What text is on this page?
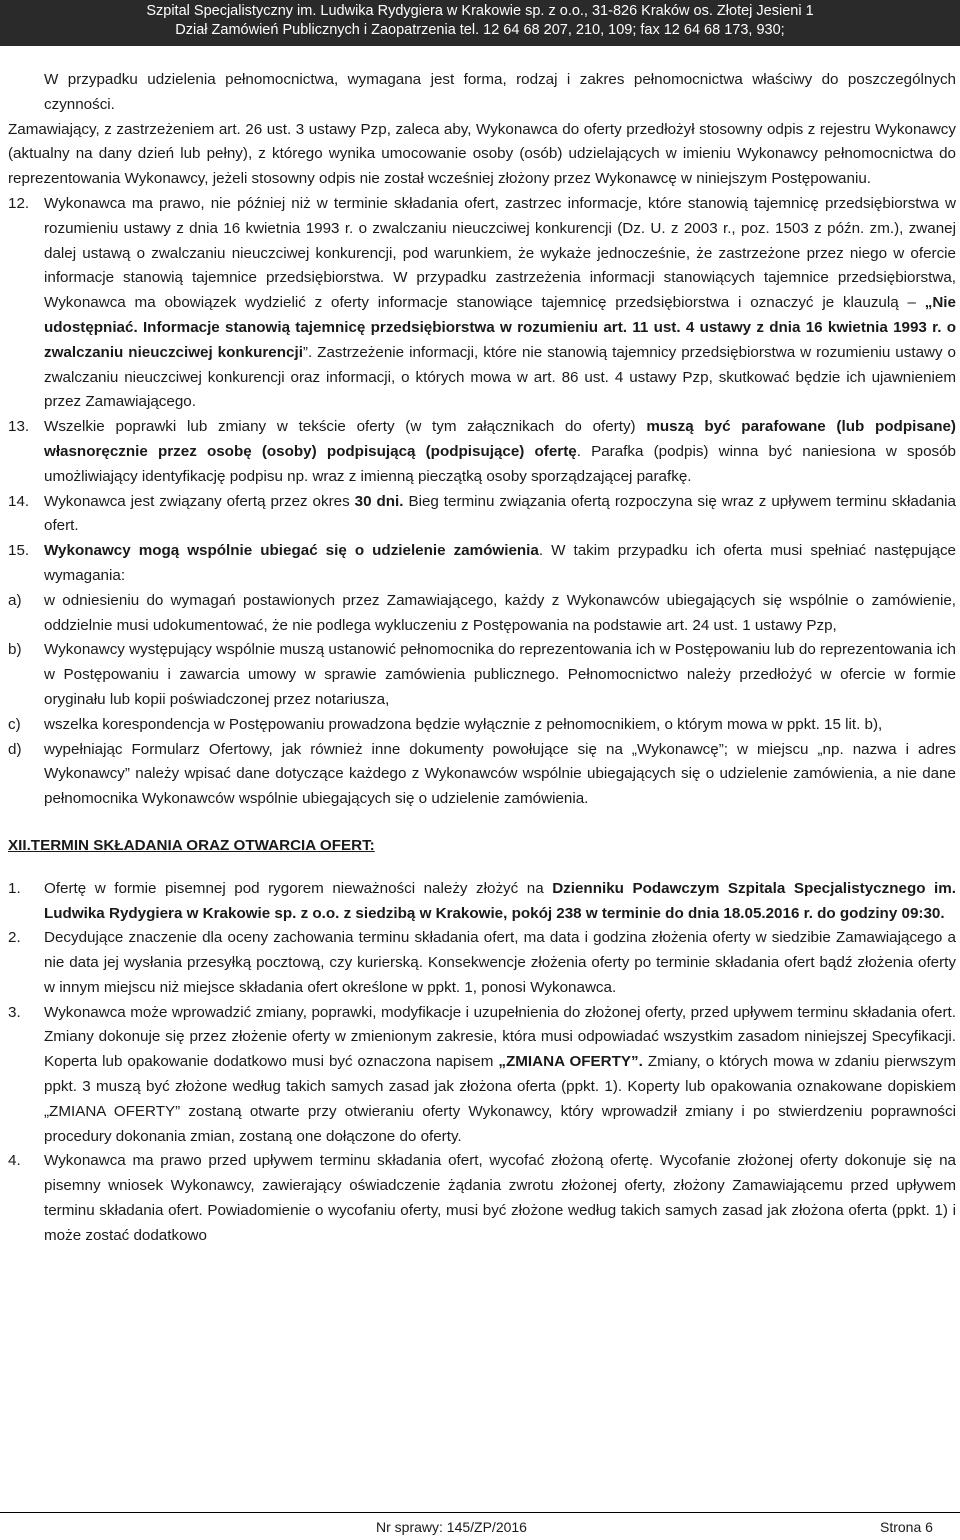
Szpital Specjalistyczny im. Ludwika Rydygiera w Krakowie sp. z o.o., 31-826 Kraków os. Złotej Jesieni 1
Dział Zamówień Publicznych i Zaopatrzenia tel. 12 64 68 207, 210, 109; fax 12 64 68 173, 930;

W przypadku udzielenia pełnomocnictwa, wymagana jest forma, rodzaj i zakres pełnomocnictwa właściwy do poszczególnych czynności.

Zamawiający, z zastrzeżeniem art. 26 ust. 3 ustawy Pzp, zaleca aby, Wykonawca do oferty przedłożył stosowny odpis z rejestru Wykonawcy (aktualny na dany dzień lub pełny), z którego wynika umocowanie osoby (osób) udzielających w imieniu Wykonawcy pełnomocnictwa do reprezentowania Wykonawcy, jeżeli stosowny odpis nie został wcześniej złożony przez Wykonawcę w niniejszym Postępowaniu.

12. Wykonawca ma prawo, nie później niż w terminie składania ofert, zastrzec informacje, które stanowią tajemnicę przedsiębiorstwa w rozumieniu ustawy z dnia 16 kwietnia 1993 r. o zwalczaniu nieuczciwej konkurencji (Dz. U. z 2003 r., poz. 1503 z późn. zm.), zwanej dalej ustawą o zwalczaniu nieuczciwej konkurencji, pod warunkiem, że wykaże jednocześnie, że zastrzeżone przez niego w ofercie informacje stanowią tajemnice przedsiębiorstwa. W przypadku zastrzeżenia informacji stanowiących tajemnice przedsiębiorstwa, Wykonawca ma obowiązek wydzielić z oferty informacje stanowiące tajemnicę przedsiębiorstwa i oznaczyć je klauzulą – „Nie udostępniać. Informacje stanowią tajemnicę przedsiębiorstwa w rozumieniu art. 11 ust. 4 ustawy z dnia 16 kwietnia 1993 r. o zwalczaniu nieuczciwej konkurencji”. Zastrzeżenie informacji, które nie stanowią tajemnicy przedsiębiorstwa w rozumieniu ustawy o zwalczaniu nieuczciwej konkurencji oraz informacji, o których mowa w art. 86 ust. 4 ustawy Pzp, skutkować będzie ich ujawnieniem przez Zamawiającego.

13. Wszelkie poprawki lub zmiany w tekście oferty (w tym załącznikach do oferty) muszą być parafowane (lub podpisane) własnoręcznie przez osobę (osoby) podpisującą (podpisujące) ofertę. Parafka (podpis) winna być naniesiona w sposób umożliwiający identyfikację podpisu np. wraz z imienną pieczątką osoby sporządzającej parafkę.

14. Wykonawca jest związany ofertą przez okres 30 dni. Bieg terminu związania ofertą rozpoczyna się wraz z upływem terminu składania ofert.

15. Wykonawcy mogą wspólnie ubiegać się o udzielenie zamówienia. W takim przypadku ich oferta musi spełniać następujące wymagania:

a)	w odniesieniu do wymagań postawionych przez Zamawiającego, każdy z Wykonawców ubiegających się wspólnie o zamówienie, oddzielnie musi udokumentować, że nie podlega wykluczeniu z Postępowania na podstawie art. 24 ust. 1 ustawy Pzp,

b)	Wykonawcy występujący wspólnie muszą ustanowić pełnomocnika do reprezentowania ich w Postępowaniu lub do reprezentowania ich w Postępowaniu i zawarcia umowy w sprawie zamówienia publicznego. Pełnomocnictwo należy przedłożyć w ofercie w formie oryginału lub kopii poświadczonej przez notariusza,

c)	wszelka korespondencja w Postępowaniu prowadzona będzie wyłącznie z pełnomocnikiem, o którym mowa w ppkt. 15 lit. b),

d)	wypełniając Formularz Ofertowy, jak również inne dokumenty powołujące się na „Wykonawcę”; w miejscu „np. nazwa i adres Wykonawcy” należy wpisać dane dotyczące każdego z Wykonawców wspólnie ubiegających się o udzielenie zamówienia, a nie dane pełnomocnika Wykonawców wspólnie ubiegających się o udzielenie zamówienia.

XII.TERMIN SKŁADANIA ORAZ OTWARCIA OFERT:
1.	Ofertę w formie pisemnej pod rygorem nieważności należy złożyć na Dzienniku Podawczym Szpitala Specjalistycznego im. Ludwika Rydygiera w Krakowie sp. z o.o. z siedzibą w Krakowie, pokój 238 w terminie do dnia 18.05.2016 r. do godziny 09:30.

2.	Decydujące znaczenie dla oceny zachowania terminu składania ofert, ma data i godzina złożenia oferty w siedzibie Zamawiającego a nie data jej wysłania przesyłką pocztową, czy kurierską. Konsekwencje złożenia oferty po terminie składania ofert bądź złożenia oferty w innym miejscu niż miejsce składania ofert określone w ppkt. 1, ponosi Wykonawca.

3.	Wykonawca może wprowadzić zmiany, poprawki, modyfikacje i uzupełnienia do złożonej oferty, przed upływem terminu składania ofert. Zmiany dokonuje się przez złożenie oferty w zmienionym zakresie, która musi odpowiadać wszystkim zasadom niniejszej Specyfikacji. Koperta lub opakowanie dodatkowo musi być oznaczona napisem „ZMIANA OFERTY”. Zmiany, o których mowa w zdaniu pierwszym ppkt. 3 muszą być złożone według takich samych zasad jak złożona oferta (ppkt. 1). Koperty lub opakowania oznakowane dopiskiem „ZMIANA OFERTY” zostaną otwarte przy otwieraniu oferty Wykonawcy, który wprowadził zmiany i po stwierdzeniu poprawności procedury dokonania zmian, zostaną one dołączone do oferty.

4.	Wykonawca ma prawo przed upływem terminu składania ofert, wycofać złożoną ofertę. Wycofanie złożonej oferty dokonuje się na pisemny wniosek Wykonawcy, zawierający oświadczenie żądania zwrotu złożonej oferty, złożony Zamawiającemu przed upływem terminu składania ofert. Powiadomienie o wycofaniu oferty, musi być złożone według takich samych zasad jak złożona oferta (ppkt. 1) i może zostać dodatkowo

Nr sprawy: 145/ZP/2016	Strona 6
